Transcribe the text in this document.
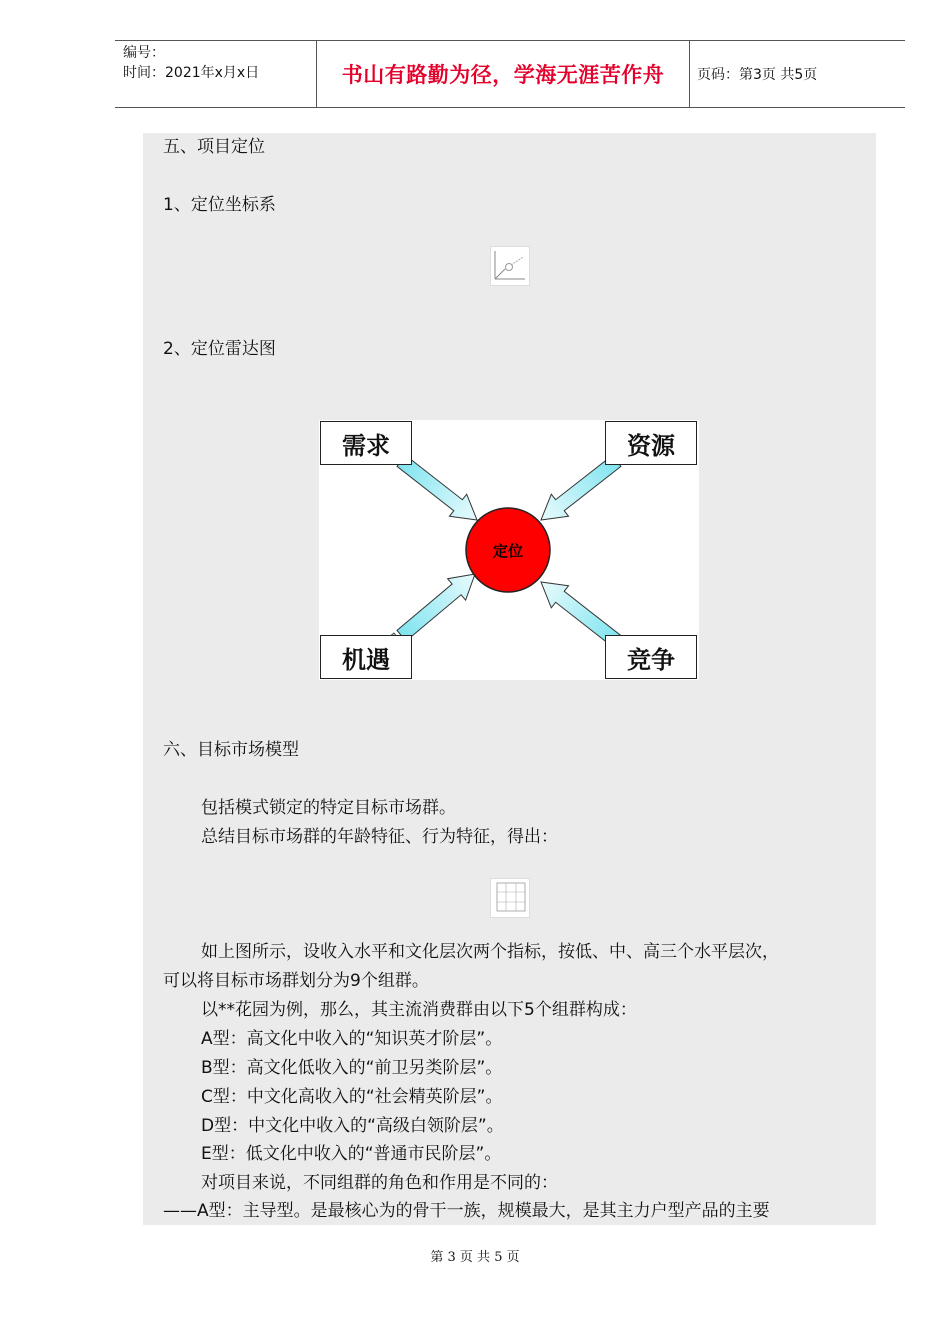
编号：
时间：2021年x月x日	书山有路勤为径，学海无涯苦作舟	页码：第3页 共5页
五、项目定位
1、定位坐标系
2、定位雷达图
定位
需求	资源
机遇	竞争
六、目标市场模型
包括模式锁定的特定目标市场群。
总结目标市场群的年龄特征、行为特征，得出：
如上图所示，设收入水平和文化层次两个指标，按低、中、高三个水平层次，
可以将目标市场群划分为9个组群。
以**花园为例，那么，其主流消费群由以下5个组群构成：
A型：高文化中收入的“知识英才阶层”。
B型：高文化低收入的“前卫另类阶层”。
C型：中文化高收入的“社会精英阶层”。
D型：中文化中收入的“高级白领阶层”。
E型：低文化中收入的“普通市民阶层”。
对项目来说，不同组群的角色和作用是不同的：
——A型：主导型。是最核心为的骨干一族，规模最大，是其主力户型产品的主要
第 3 页 共 5 页
